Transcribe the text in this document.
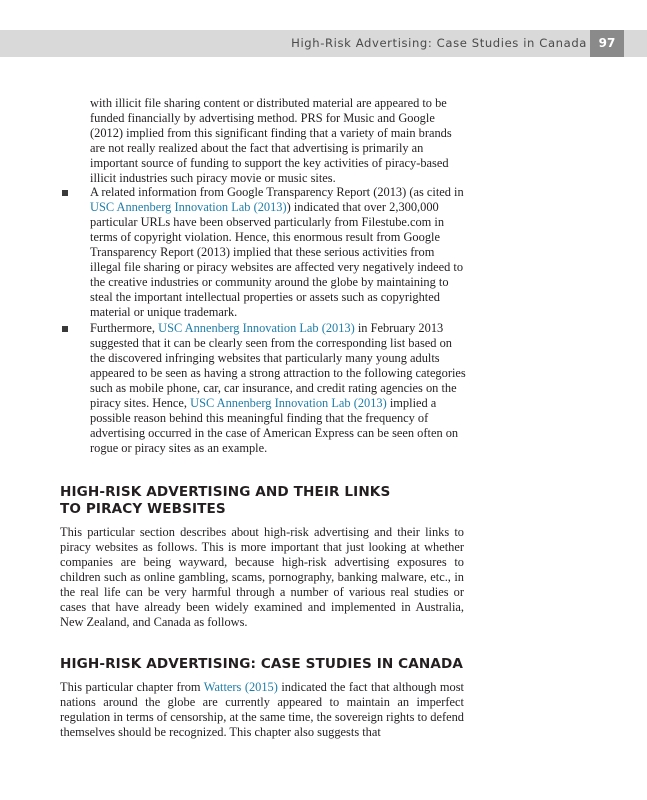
High-Risk Advertising: Case Studies in Canada 97

with illicit file sharing content or distributed material are appeared to be funded financially by advertising method. PRS for Music and Google (2012) implied from this significant finding that a variety of main brands are not really realized about the fact that advertising is primarily an important source of funding to support the key activities of piracy-based illicit industries such piracy movie or music sites.

A related information from Google Transparency Report (2013) (as cited in USC Annenberg Innovation Lab (2013)) indicated that over 2,300,000 particular URLs have been observed particularly from Filestube.com in terms of copyright violation. Hence, this enormous result from Google Transparency Report (2013) implied that these serious activities from illegal file sharing or piracy websites are affected very negatively indeed to the creative industries or community around the globe by maintaining to steal the important intellectual properties or assets such as copyrighted material or unique trademark.

Furthermore, USC Annenberg Innovation Lab (2013) in February 2013 suggested that it can be clearly seen from the corresponding list based on the discovered infringing websites that particularly many young adults appeared to be seen as having a strong attraction to the following categories such as mobile phone, car, car insurance, and credit rating agencies on the piracy sites. Hence, USC Annenberg Innovation Lab (2013) implied a possible reason behind this meaningful finding that the frequency of advertising occurred in the case of American Express can be seen often on rogue or piracy sites as an example.

HIGH-RISK ADVERTISING AND THEIR LINKS
TO PIRACY WEBSITES

This particular section describes about high-risk advertising and their links to piracy websites as follows. This is more important that just looking at whether companies are being wayward, because high-risk advertising exposures to children such as online gambling, scams, pornography, banking malware, etc., in the real life can be very harmful through a number of various real studies or cases that have already been widely examined and implemented in Australia, New Zealand, and Canada as follows.

HIGH-RISK ADVERTISING: CASE STUDIES IN CANADA

This particular chapter from Watters (2015) indicated the fact that although most nations around the globe are currently appeared to maintain an imperfect regulation in terms of censorship, at the same time, the sovereign rights to defend themselves should be recognized. This chapter also suggests that
